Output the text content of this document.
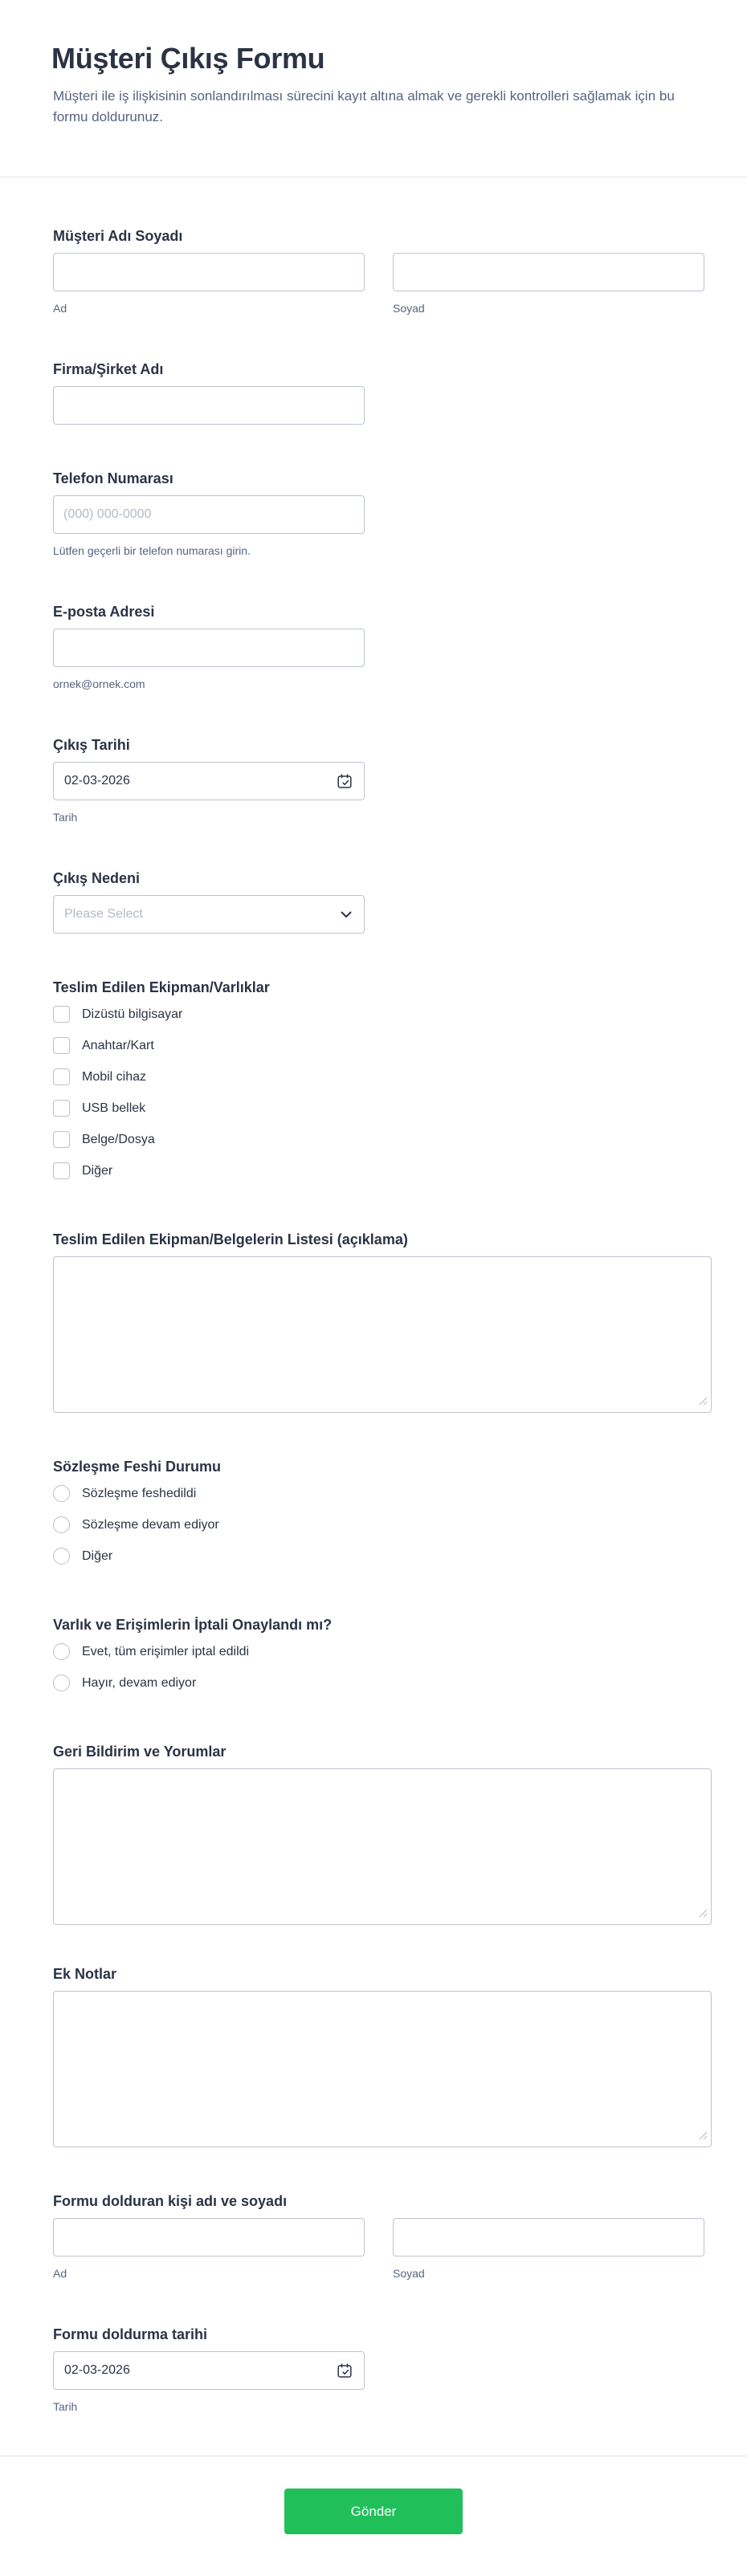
Müşteri Çıkış Formu

Müşteri ile iş ilişkisinin sonlandırılması sürecini kayıt altına almak ve gerekli kontrolleri sağlamak için bu formu doldurunuz.

Müşteri Adı Soyadı
Ad	Soyad
Firma/Şirket Adı
Telefon Numarası
(000) 000-0000
Lütfen geçerli bir telefon numarası girin.
E-posta Adresi
ornek@ornek.com
Çıkış Tarihi
02-03-2026
Tarih
Çıkış Nedeni
Please Select
Teslim Edilen Ekipman/Varlıklar
Dizüstü bilgisayar
Anahtar/Kart
Mobil cihaz
USB bellek
Belge/Dosya
Diğer
Teslim Edilen Ekipman/Belgelerin Listesi (açıklama)
Sözleşme Feshi Durumu
Sözleşme feshedildi
Sözleşme devam ediyor
Diğer
Varlık ve Erişimlerin İptali Onaylandı mı?
Evet, tüm erişimler iptal edildi
Hayır, devam ediyor
Geri Bildirim ve Yorumlar
Ek Notlar
Formu dolduran kişi adı ve soyadı
Ad	Soyad
Formu doldurma tarihi
02-03-2026
Tarih
Gönder
